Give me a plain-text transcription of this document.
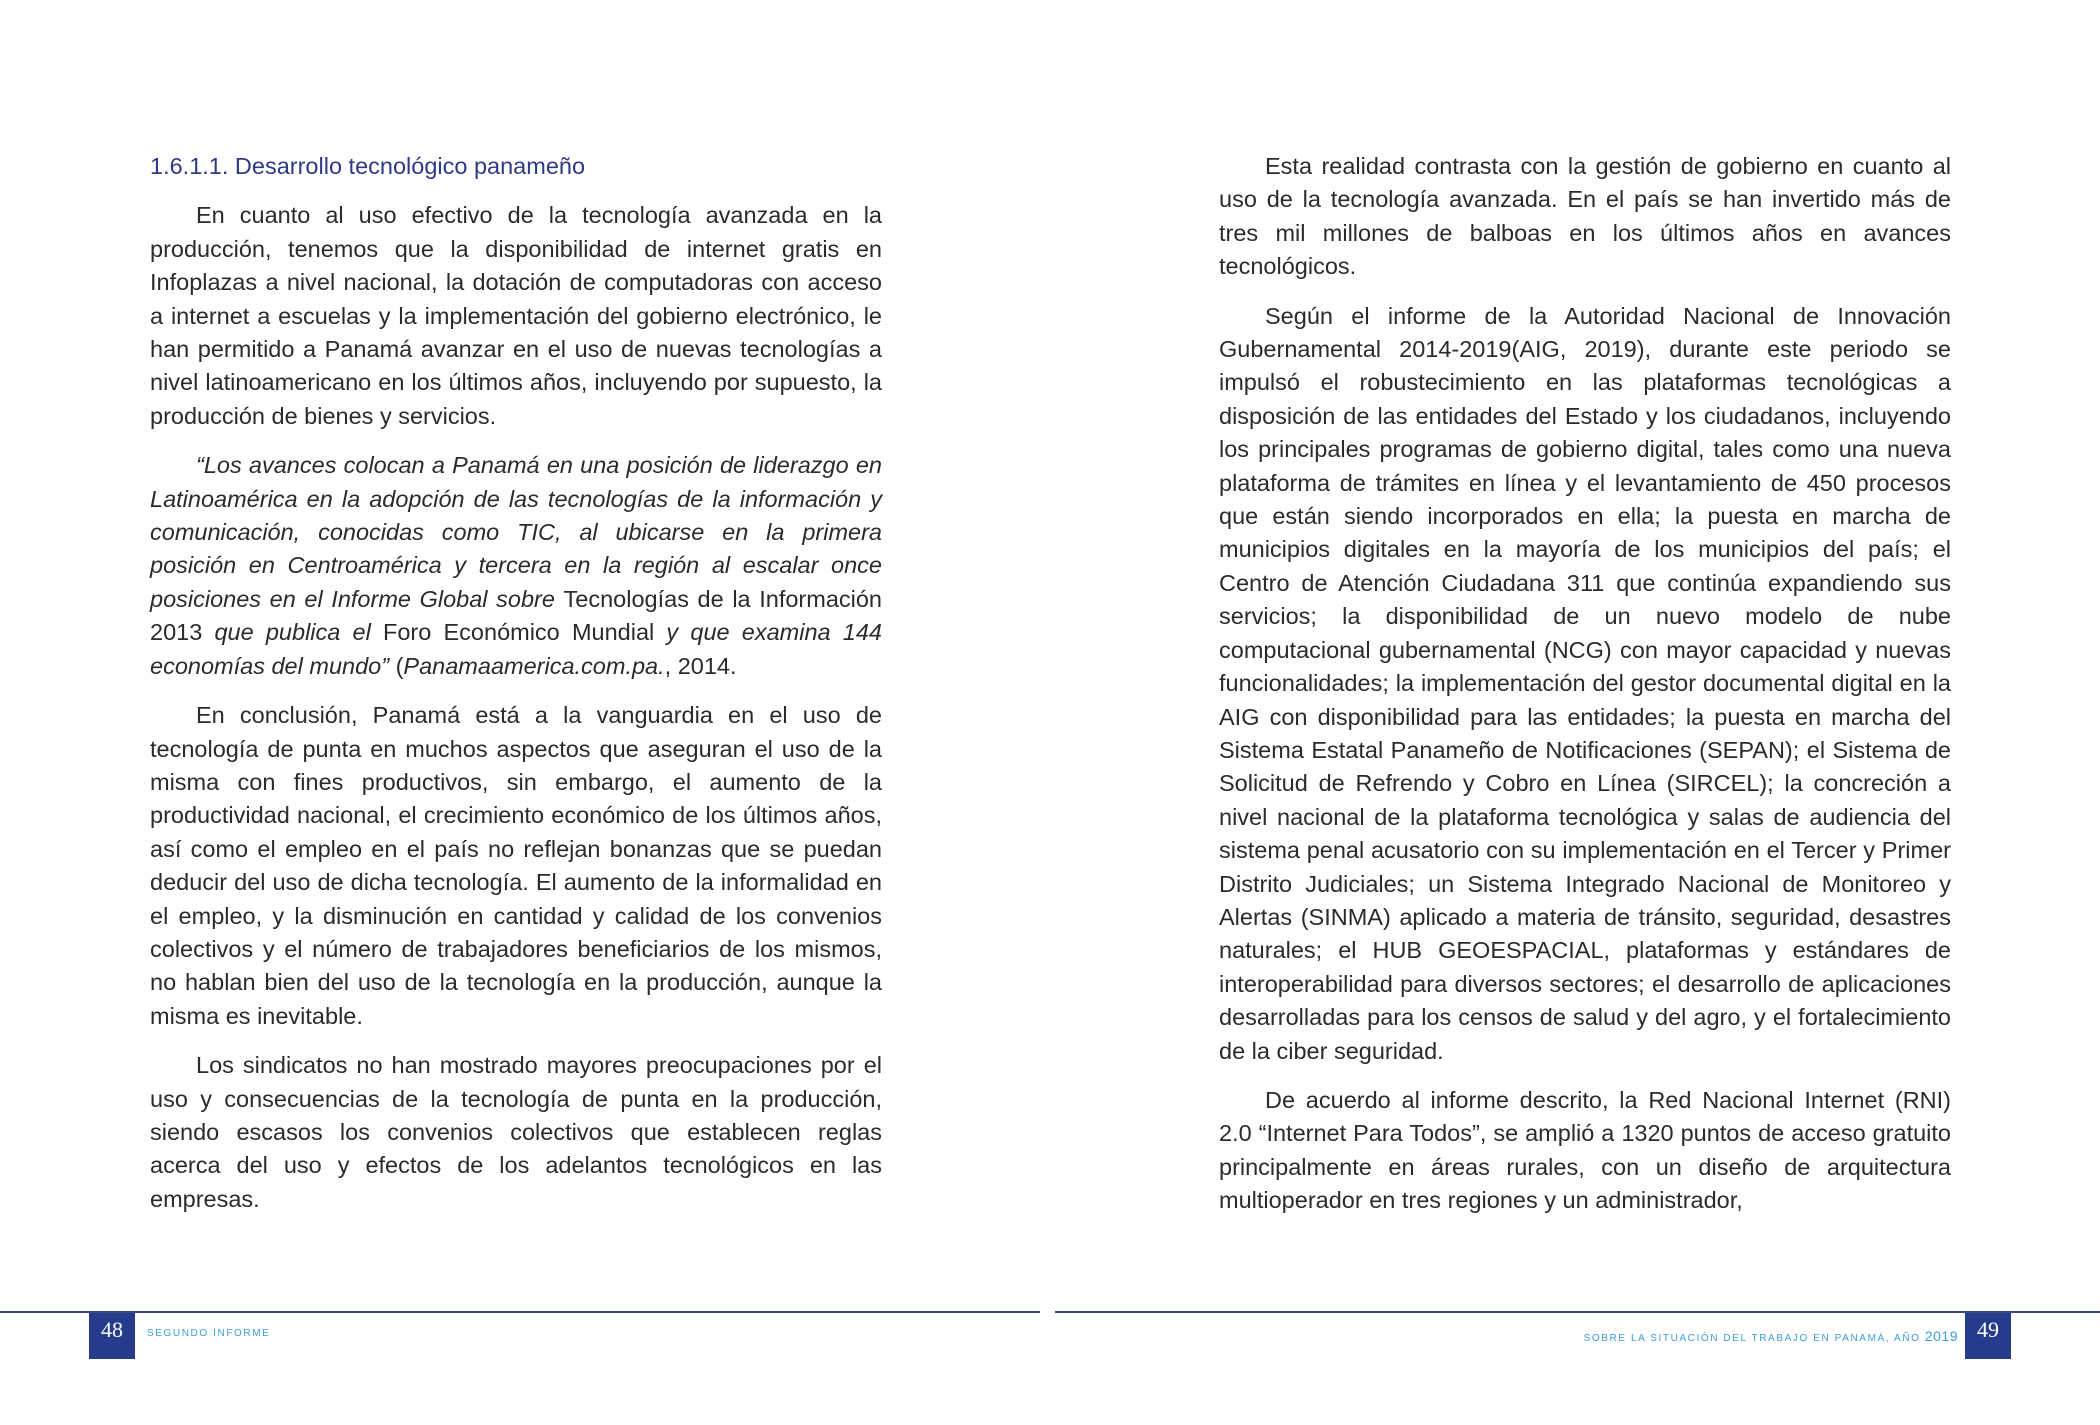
1.6.1.1. Desarrollo tecnológico panameño

En cuanto al uso efectivo de la tecnología avanzada en la producción, tenemos que la disponibilidad de internet gratis en Infoplazas a nivel nacional, la dotación de computadoras con acceso a internet a escuelas y la implementación del gobierno electrónico, le han permitido a Panamá avanzar en el uso de nuevas tecnologías a nivel latinoamericano en los últimos años, incluyendo por supuesto, la producción de bienes y servicios.

“Los avances colocan a Panamá en una posición de liderazgo en Latinoamérica en la adopción de las tecnologías de la información y comunicación, conocidas como TIC, al ubicarse en la primera posición en Centroamérica y tercera en la región al escalar once posiciones en el Informe Global sobre Tecnologías de la Información 2013 que publica el Foro Económico Mundial y que examina 144 economías del mundo” (Panamaamerica.com.pa., 2014.

En conclusión, Panamá está a la vanguardia en el uso de tecnología de punta en muchos aspectos que aseguran el uso de la misma con fines productivos, sin embargo, el aumento de la productividad nacional, el crecimiento económico de los últimos años, así como el empleo en el país no reflejan bonanzas que se puedan deducir del uso de dicha tecnología. El aumento de la informalidad en el empleo, y la disminución en cantidad y calidad de los convenios colectivos y el número de trabajadores beneficiarios de los mismos, no hablan bien del uso de la tecnología en la producción, aunque la misma es inevitable.

Los sindicatos no han mostrado mayores preocupaciones por el uso y consecuencias de la tecnología de punta en la producción, siendo escasos los convenios colectivos que establecen reglas acerca del uso y efectos de los adelantos tecnológicos en las empresas.

48	SEGUNDO INFORME

Esta realidad contrasta con la gestión de gobierno en cuanto al uso de la tecnología avanzada. En el país se han invertido más de tres mil millones de balboas en los últimos años en avances tecnológicos.

Según el informe de la Autoridad Nacional de Innovación Gubernamental 2014-2019(AIG, 2019), durante este periodo se impulsó el robustecimiento en las plataformas tecnológicas a disposición de las entidades del Estado y los ciudadanos, incluyendo los principales programas de gobierno digital, tales como una nueva plataforma de trámites en línea y el levantamiento de 450 procesos que están siendo incorporados en ella; la puesta en marcha de municipios digitales en la mayoría de los municipios del país; el Centro de Atención Ciudadana 311 que continúa expandiendo sus servicios; la disponibilidad de un nuevo modelo de nube computacional gubernamental (NCG) con mayor capacidad y nuevas funcionalidades; la implementación del gestor documental digital en la AIG con disponibilidad para las entidades; la puesta en marcha del Sistema Estatal Panameño de Notificaciones (SEPAN); el Sistema de Solicitud de Refrendo y Cobro en Línea (SIRCEL); la concreción a nivel nacional de la plataforma tecnológica y salas de audiencia del sistema penal acusatorio con su implementación en el Tercer y Primer Distrito Judiciales; un Sistema Integrado Nacional de Monitoreo y Alertas (SINMA) aplicado a materia de tránsito, seguridad, desastres naturales; el HUB GEOESPACIAL, plataformas y estándares de interoperabilidad para diversos sectores; el desarrollo de aplicaciones desarrolladas para los censos de salud y del agro, y el fortalecimiento de la ciber seguridad.

De acuerdo al informe descrito, la Red Nacional Internet (RNI) 2.0 “Internet Para Todos”, se amplió a 1320 puntos de acceso gratuito principalmente en áreas rurales, con un diseño de arquitectura multioperador en tres regiones y un administrador,

SOBRE LA SITUACIÓN DEL TRABAJO EN PANAMÁ, AÑO 2019 49
